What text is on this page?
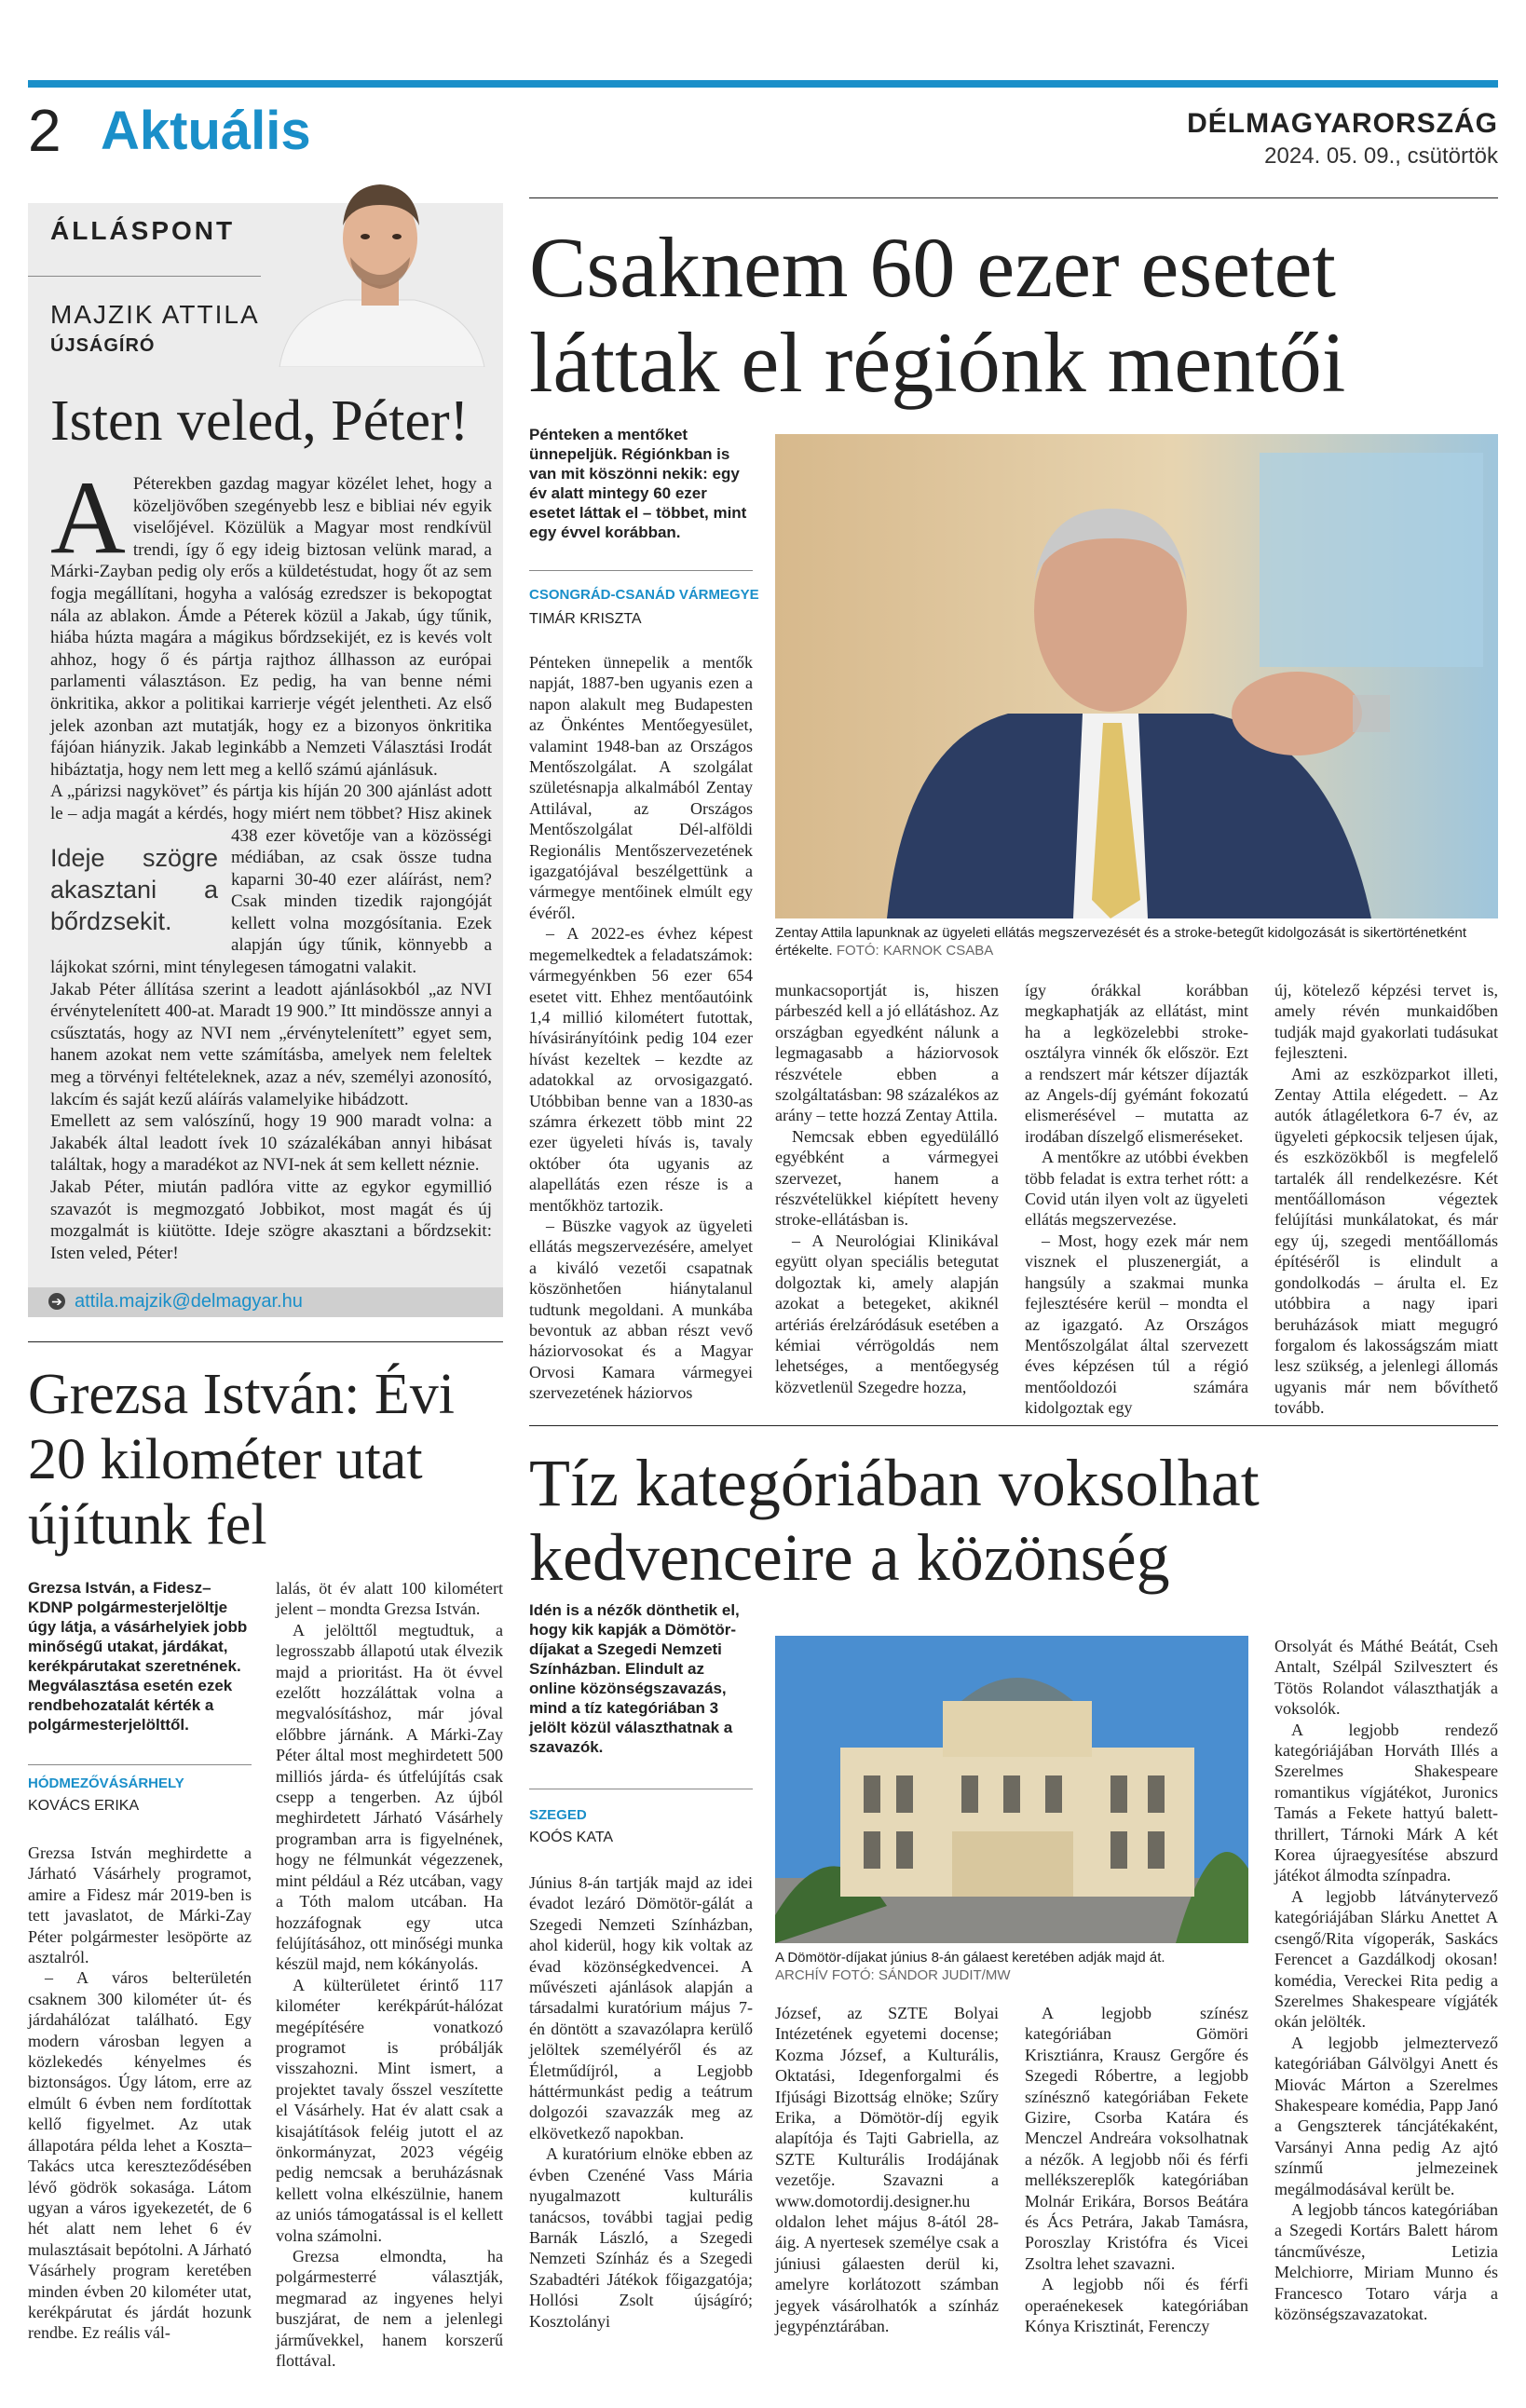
2 Aktuális	DÉLMAGYARORSZÁG
2024. 05. 09., csütörtök
ÁLLÁSPONT
MAJZIK ATTILA
ÚJSÁGÍRÓ
Isten veled, Péter!
A Péterekben gazdag magyar közélet lehet, hogy a közeljövőben szegényebb lesz e bibliai név egyik viselőjével. Közülük a Magyar most rendkívül trendi, így ő egy ideig biztosan velünk marad, a Márki-Zayban pedig oly erős a küldetéstudat, hogy őt az sem fogja megállítani, hogyha a valóság ezredszer is bekopogtat nála az ablakon. Ámde a Péterek közül a Jakab, úgy tűnik, hiába húzta magára a mágikus bőrdzsekijét, ez is kevés volt ahhoz, hogy ő és pártja rajthoz állhasson az európai parlamenti választáson. Ez pedig, ha van benne némi önkritika, akkor a politikai karrierje végét jelentheti. Az első jelek azonban azt mutatják, hogy ez a bizonyos önkritika fájóan hiányzik. Jakab leginkább a Nemzeti Választási Irodát hibáztatja, hogy nem lett meg a kellő számú ajánlásuk.
A „párizsi nagykövet” és pártja kis híján 20 300 ajánlást adott le – adja magát a kérdés, hogy miért nem többet? Hisz
Ideje szögre akasztani a bőrdzsekit.
akinek 438 ezer követője van a közösségi médiában, az csak össze tudna kaparni 30-40 ezer aláírást, nem? Csak minden tizedik rajongóját kellett volna mozgósítania. Ezek alapján úgy tűnik, könnyebb a lájkokat szórni, mint ténylegesen támogatni valakit.
Jakab Péter állítása szerint a leadott ajánlásokból „az NVI érvénytelenített 400-at. Maradt 19 900.” Itt mindössze annyi a csűsztatás, hogy az NVI nem „érvénytelenített” egyet sem, hanem azokat nem vette számításba, amelyek nem feleltek meg a törvényi feltételeknek, azaz a név, személyi azonosító, lakcím és saját kezű aláírás valamelyike hibádzott.
Emellett az sem valószínű, hogy 19 900 maradt volna: a Jakabék által leadott ívek 10 százalékában annyi hibásat találtak, hogy a maradékot az NVI-nek át sem kellett néznie.
Jakab Péter, miután padlóra vitte az egykor egymillió szavazót is megmozgató Jobbikot, most magát és új mozgalmát is kiütötte. Ideje szögre akasztani a bőrdzsekit: Isten veled, Péter!
➔ attila.majzik@delmagyar.hu
Csaknem 60 ezer esetet láttak el régiónk mentői
Pénteken a mentőket ünnepeljük. Régiónkban is van mit köszönni nekik: egy év alatt mintegy 60 ezer esetet láttak el – többet, mint egy évvel korábban.
CSONGRÁD-CSANÁD VÁRMEGYE
TIMÁR KRISZTA
Zentay Attila lapunknak az ügyeleti ellátás megszervezését és a stroke-betegűt kidolgozását is sikertörténetként értékelte. FOTÓ: KARNOK CSABA

Pénteken ünnepelik a mentők napját, 1887-ben ugyanis ezen a napon alakult meg Budapesten az Önkéntes Mentőegyesület, valamint 1948-ban az Országos Mentőszolgálat. A szolgálat születésnapja alkalmából Zentay Attilával, az Országos Mentőszolgálat Dél-alföldi Regionális Mentőszervezetének igazgatójával beszélgettünk a vármegye mentőinek elmúlt egy évéről.

– A 2022-es évhez képest megemelkedtek a feladatszámok: vármegyénkben 56 ezer 654 esetet vitt. Ehhez mentőautóink 1,4 millió kilométert futottak, hívásirányítóink pedig 104 ezer hívást kezeltek – kezdte az adatokkal az orvosigazgató. Utóbbiban benne van a 1830-as számra érkezett több mint 22 ezer ügyeleti hívás is, tavaly október óta ugyanis az alapellátás ezen része is a mentőkhöz tartozik.

– Büszke vagyok az ügyeleti ellátás megszervezésére, amelyet a kiváló vezetői csapatnak köszönhetően hiánytalanul tudtunk megoldani. A munkába bevontuk az abban részt vevő háziorvosokat és a Magyar Orvosi Kamara vármegyei szervezetének háziorvos

munkacsoportját is, hiszen párbeszéd kell a jó ellátáshoz. Az országban egyedként nálunk a legmagasabb a háziorvosok részvétele ebben a szolgáltatásban: 98 százalékos az arány – tette hozzá Zentay Attila.

Nemcsak ebben egyedülálló egyébként a vármegyei szervezet, hanem a részvételükkel kiépített heveny stroke-ellátásban is.

– A Neurológiai Klinikával együtt olyan speciális betegutat dolgoztak ki, amely alapján azokat a betegeket, akiknél artériás érelzáródásuk esetében a kémiai vérrögoldás nem lehetséges, a mentőegység közvetlenül Szegedre hozza,

így órákkal korábban megkaphatják az ellátást, mint ha a legközelebbi stroke-osztályra vinnék ők először. Ezt a rendszert már kétszer díjazták az Angels-díj gyémánt fokozatú elismerésével – mutatta az irodában díszelgő elismeréseket.

A mentőkre az utóbbi években több feladat is extra terhet rótt: a Covid után ilyen volt az ügyeleti ellátás megszervezése.

– Most, hogy ezek már nem visznek el pluszenergiát, a hangsúly a szakmai munka fejlesztésére kerül – mondta el az igazgató. Az Országos Mentőszolgálat által szervezett éves képzésen túl a régió mentőoldozói számára kidolgoztak egy

új, kötelező képzési tervet is, amely révén munkaidőben tudják majd gyakorlati tudásukat fejleszteni.

Ami az eszközparkot illeti, Zentay Attila elégedett. – Az autók átlagéletkora 6-7 év, az ügyeleti gépkocsik teljesen újak, és eszközökből is megfelelő tartalék áll rendelkezésre. Két mentőállomáson végeztek felújítási munkálatokat, és már egy új, szegedi mentőállomás építéséről is elindult a gondolkodás – árulta el. Ez utóbbira a nagy ipari beruházások miatt megugró forgalom és lakosságszám miatt lesz szükség, a jelenlegi állomás ugyanis már nem bővíthető tovább.

Grezsa István: Évi 20 kilométer utat újítunk fel
Grezsa István, a Fidesz–KDNP polgármesterjelöltje úgy látja, a vásárhelyiek jobb minőségű utakat, járdákat, kerékpárutakat szeretnének. Megválasztása esetén ezek rendbehozatalát kérték a polgármesterjelölttől.
HÓDMEZŐVÁSÁRHELY
KOVÁCS ERIKA

Grezsa István meghirdette a Járható Vásárhely programot, amire a Fidesz már 2019-ben is tett javaslatot, de Márki-Zay Péter polgármester lesöpörte az asztalról.

– A város belterületén csaknem 300 kilométer út- és járdahálózat található. Egy modern városban legyen a közlekedés kényelmes és biztonságos. Úgy látom, erre az elmúlt 6 évben nem fordítottak kellő figyelmet. Az utak állapotára példa lehet a Koszta–Takács utca kereszteződésében lévő gödrök sokasága. Látom ugyan a város igyekezetét, de 6 hét alatt nem lehet 6 év mulasztásait bepótolni. A Járható Vásárhely program keretében minden évben 20 kilométer utat, kerékpárutat és járdát hozunk rendbe. Ez reális vál-

lalás, öt év alatt 100 kilométert jelent – mondta Grezsa István.

A jelölttől megtudtuk, a legrosszabb állapotú utak élvezik majd a prioritást. Ha öt évvel ezelőtt hozzáláttak volna a megvalósításhoz, már jóval előbbre járnánk. A Márki-Zay Péter által most meghirdetett 500 milliós járda- és útfelújítás csak csepp a tengerben. Az újból meghirdetett Járható Vásárhely programban arra is figyelnének, hogy ne félmunkát végezzenek, mint például a Réz utcában, vagy a Tóth malom utcában. Ha hozzáfognak egy utca felújításához, ott minőségi munka készül majd, nem kókányolás.

A külterületet érintő 117 kilométer kerékpárút-hálózat megépítésére vonatkozó programot is próbálják visszahozni. Mint ismert, a projektet tavaly ősszel veszítette el Vásárhely. Hat év alatt csak a kisajátítások feléig jutott el az önkormányzat, 2023 végéig pedig nemcsak a beruházásnak kellett volna elkészülnie, hanem az uniós támogatással is el kellett volna számolni.

Grezsa elmondta, ha polgármesterré választják, megmarad az ingyenes helyi buszjárat, de nem a jelenlegi járművekkel, hanem korszerű flottával.

Tíz kategóriában voksolhat kedvenceire a közönség
Idén is a nézők dönthetik el, hogy kik kapják a Dömötör-díjakat a Szegedi Nemzeti Színházban. Elindult az online közönségszavazás, mind a tíz kategóriában 3 jelölt közül választhatnak a szavazók.
SZEGED
KOÓS KATA
A Dömötör-díjakat június 8-án gálaest keretében adják majd át.
ARCHÍV FOTÓ: SÁNDOR JUDIT/MW

Június 8-án tartják majd az idei évadot lezáró Dömötör-gálát a Szegedi Nemzeti Színházban, ahol kiderül, hogy kik voltak az évad közönségkedvencei. A művészeti ajánlások alapján a társadalmi kuratórium május 7-én döntött a szavazólapra kerülő jelöltek személyéről és az Életműdíjról, a Legjobb háttérmunkást pedig a teátrum dolgozói szavazzák meg az elkövetkező napokban.

A kuratórium elnöke ebben az évben Czenéné Vass Mária nyugalmazott kulturális tanácsos, további tagjai pedig Barnák László, a Szegedi Nemzeti Színház és a Szegedi Szabadtéri Játékok főigazgatója; Hollósi Zsolt újságíró; Kosztolányi

József, az SZTE Bolyai Intézetének egyetemi docense; Kozma József, a Kulturális, Oktatási, Idegenforgalmi és Ifjúsági Bizottság elnöke; Szűry Erika, a Dömötör-díj egyik alapítója és Tajti Gabriella, az SZTE Kulturális Irodájának vezetője. Szavazni a www.domotordij.designer.hu oldalon lehet május 8-ától 28-áig. A nyertesek személye csak a júniusi gálaesten derül ki, amelyre korlátozott számban jegyek vásárolhatók a színház jegypénztárában.

A legjobb színész kategóriában Gömöri Krisztiánra, Krausz Gergőre és Szegedi Róbertre, a legjobb színésznő kategóriában Fekete Gizire, Csorba Katára és Menczel Andreára voksolhatnak a nézők. A legjobb női és férfi mellékszereplők kategóriában Molnár Erikára, Borsos Beátára és Ács Petrára, Jakab Tamásra, Poroszlay Kristófra és Vicei Zsoltra lehet szavazni.

A legjobb női és férfi operaénekesek kategóriában Kónya Krisztinát, Ferenczy

Orsolyát és Máthé Beátát, Cseh Antalt, Szélpál Szilvesztert és Tötös Rolandot választhatják a voksolók.

A legjobb rendező kategóriájában Horváth Illés a Szerelmes Shakespeare romantikus vígjátékot, Juronics Tamás a Fekete hattyú balett-thrillert, Tárnoki Márk A két Korea újraegyesítése abszurd játékot álmodta színpadra.

A legjobb látványtervező kategóriájában Slárku Anettet A csengő/Rita vígoperák, Saskács Ferencet a Gazdálkodj okosan! komédia, Vereckei Rita pedig a Szerelmes Shakespeare vígjáték okán jelölték.

A legjobb jelmeztervező kategóriában Gálvölgyi Anett és Miovác Márton a Szerelmes Shakespeare komédia, Papp Janó a Gengszterek táncjátékaként, Varsányi Anna pedig Az ajtó színmű jelmezeinek megálmodásával került be.

A legjobb táncos kategóriában a Szegedi Kortárs Balett három táncművésze, Letizia Melchiorre, Miriam Munno és Francesco Totaro várja a közönségszavazatokat.
